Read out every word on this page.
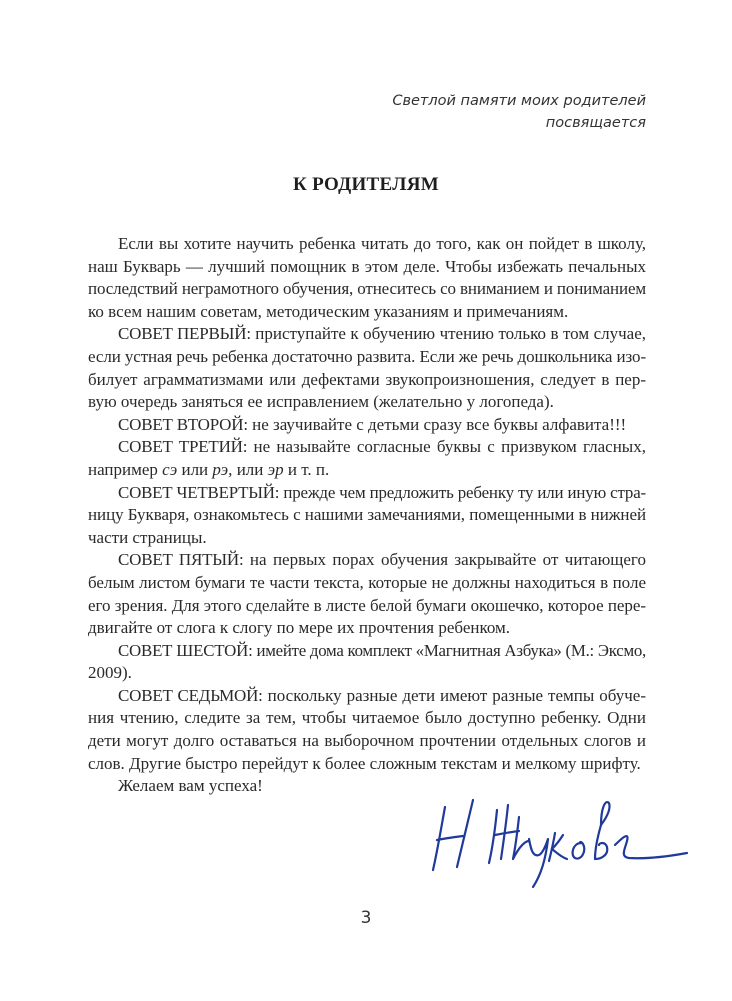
Светлой памяти моих родителей
посвящается
К РОДИТЕЛЯМ
Если вы хотите научить ребенка читать до того, как он пойдет в школу,
наш Букварь — лучший помощник в этом деле. Чтобы избежать печальных
последствий неграмотного обучения, отнеситесь со вниманием и пониманием
ко всем нашим советам, методическим указаниям и примечаниям.
СОВЕТ ПЕРВЫЙ: приступайте к обучению чтению только в том случае,
если устная речь ребенка достаточно развита. Если же речь дошкольника изо-
билует аграмматизмами или дефектами звукопроизношения, следует в пер-
вую очередь заняться ее исправлением (желательно у логопеда).
СОВЕТ ВТОРОЙ: не заучивайте с детьми сразу все буквы алфавита!!!
СОВЕТ ТРЕТИЙ: не называйте согласные буквы с призвуком гласных,
например сэ или рэ, или эр и т. п.
СОВЕТ ЧЕТВЕРТЫЙ: прежде чем предложить ребенку ту или иную стра-
ницу Букваря, ознакомьтесь с нашими замечаниями, помещенными в нижней
части страницы.
СОВЕТ ПЯТЫЙ: на первых порах обучения закрывайте от читающего
белым листом бумаги те части текста, которые не должны находиться в поле
его зрения. Для этого сделайте в листе белой бумаги окошечко, которое пере-
двигайте от слога к слогу по мере их прочтения ребенком.
СОВЕТ ШЕСТОЙ: имейте дома комплект «Магнитная Азбука» (М.: Эксмо,
2009).
СОВЕТ СЕДЬМОЙ: поскольку разные дети имеют разные темпы обуче-
ния чтению, следите за тем, чтобы читаемое было доступно ребенку. Одни
дети могут долго оставаться на выборочном прочтении отдельных слогов и
слов. Другие быстро перейдут к более сложным текстам и мелкому шрифту.
Желаем вам успеха!
3
